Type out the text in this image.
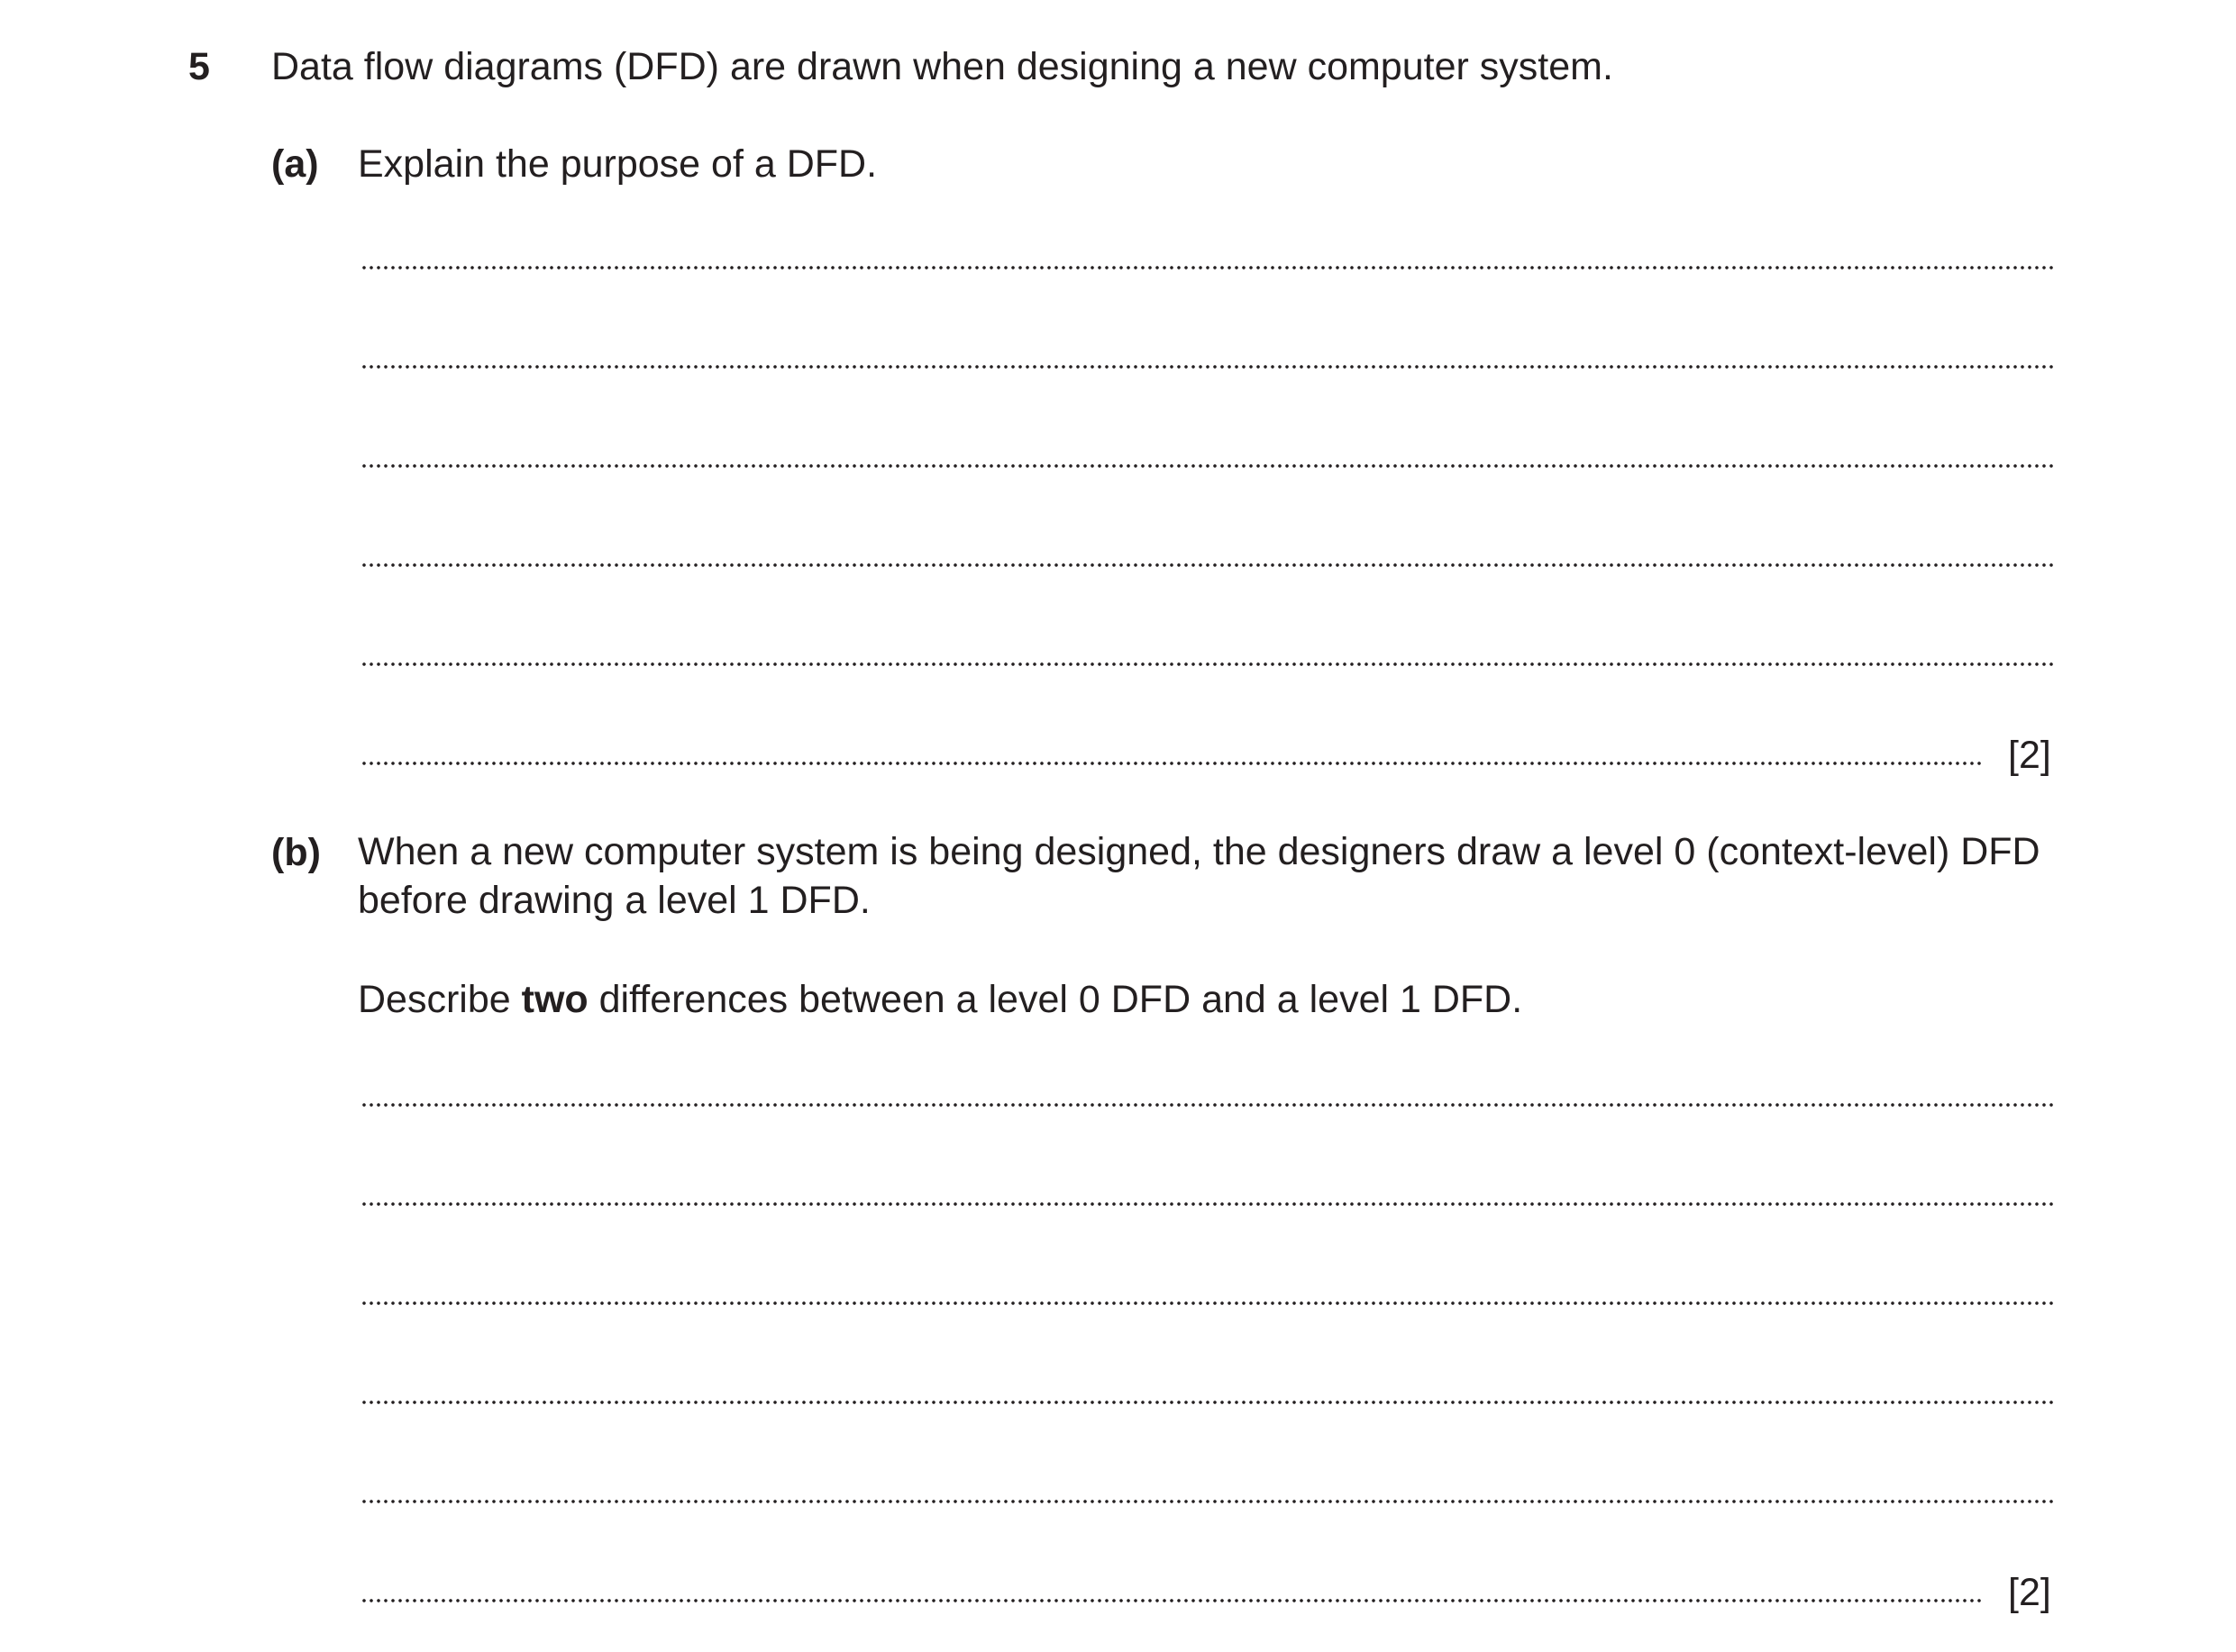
5 Data flow diagrams (DFD) are drawn when designing a new computer system.
(a) Explain the purpose of a DFD.
[2]
(b) When a new computer system is being designed, the designers draw a level 0 (context-level) DFD before drawing a level 1 DFD.
Describe two differences between a level 0 DFD and a level 1 DFD.
[2]
